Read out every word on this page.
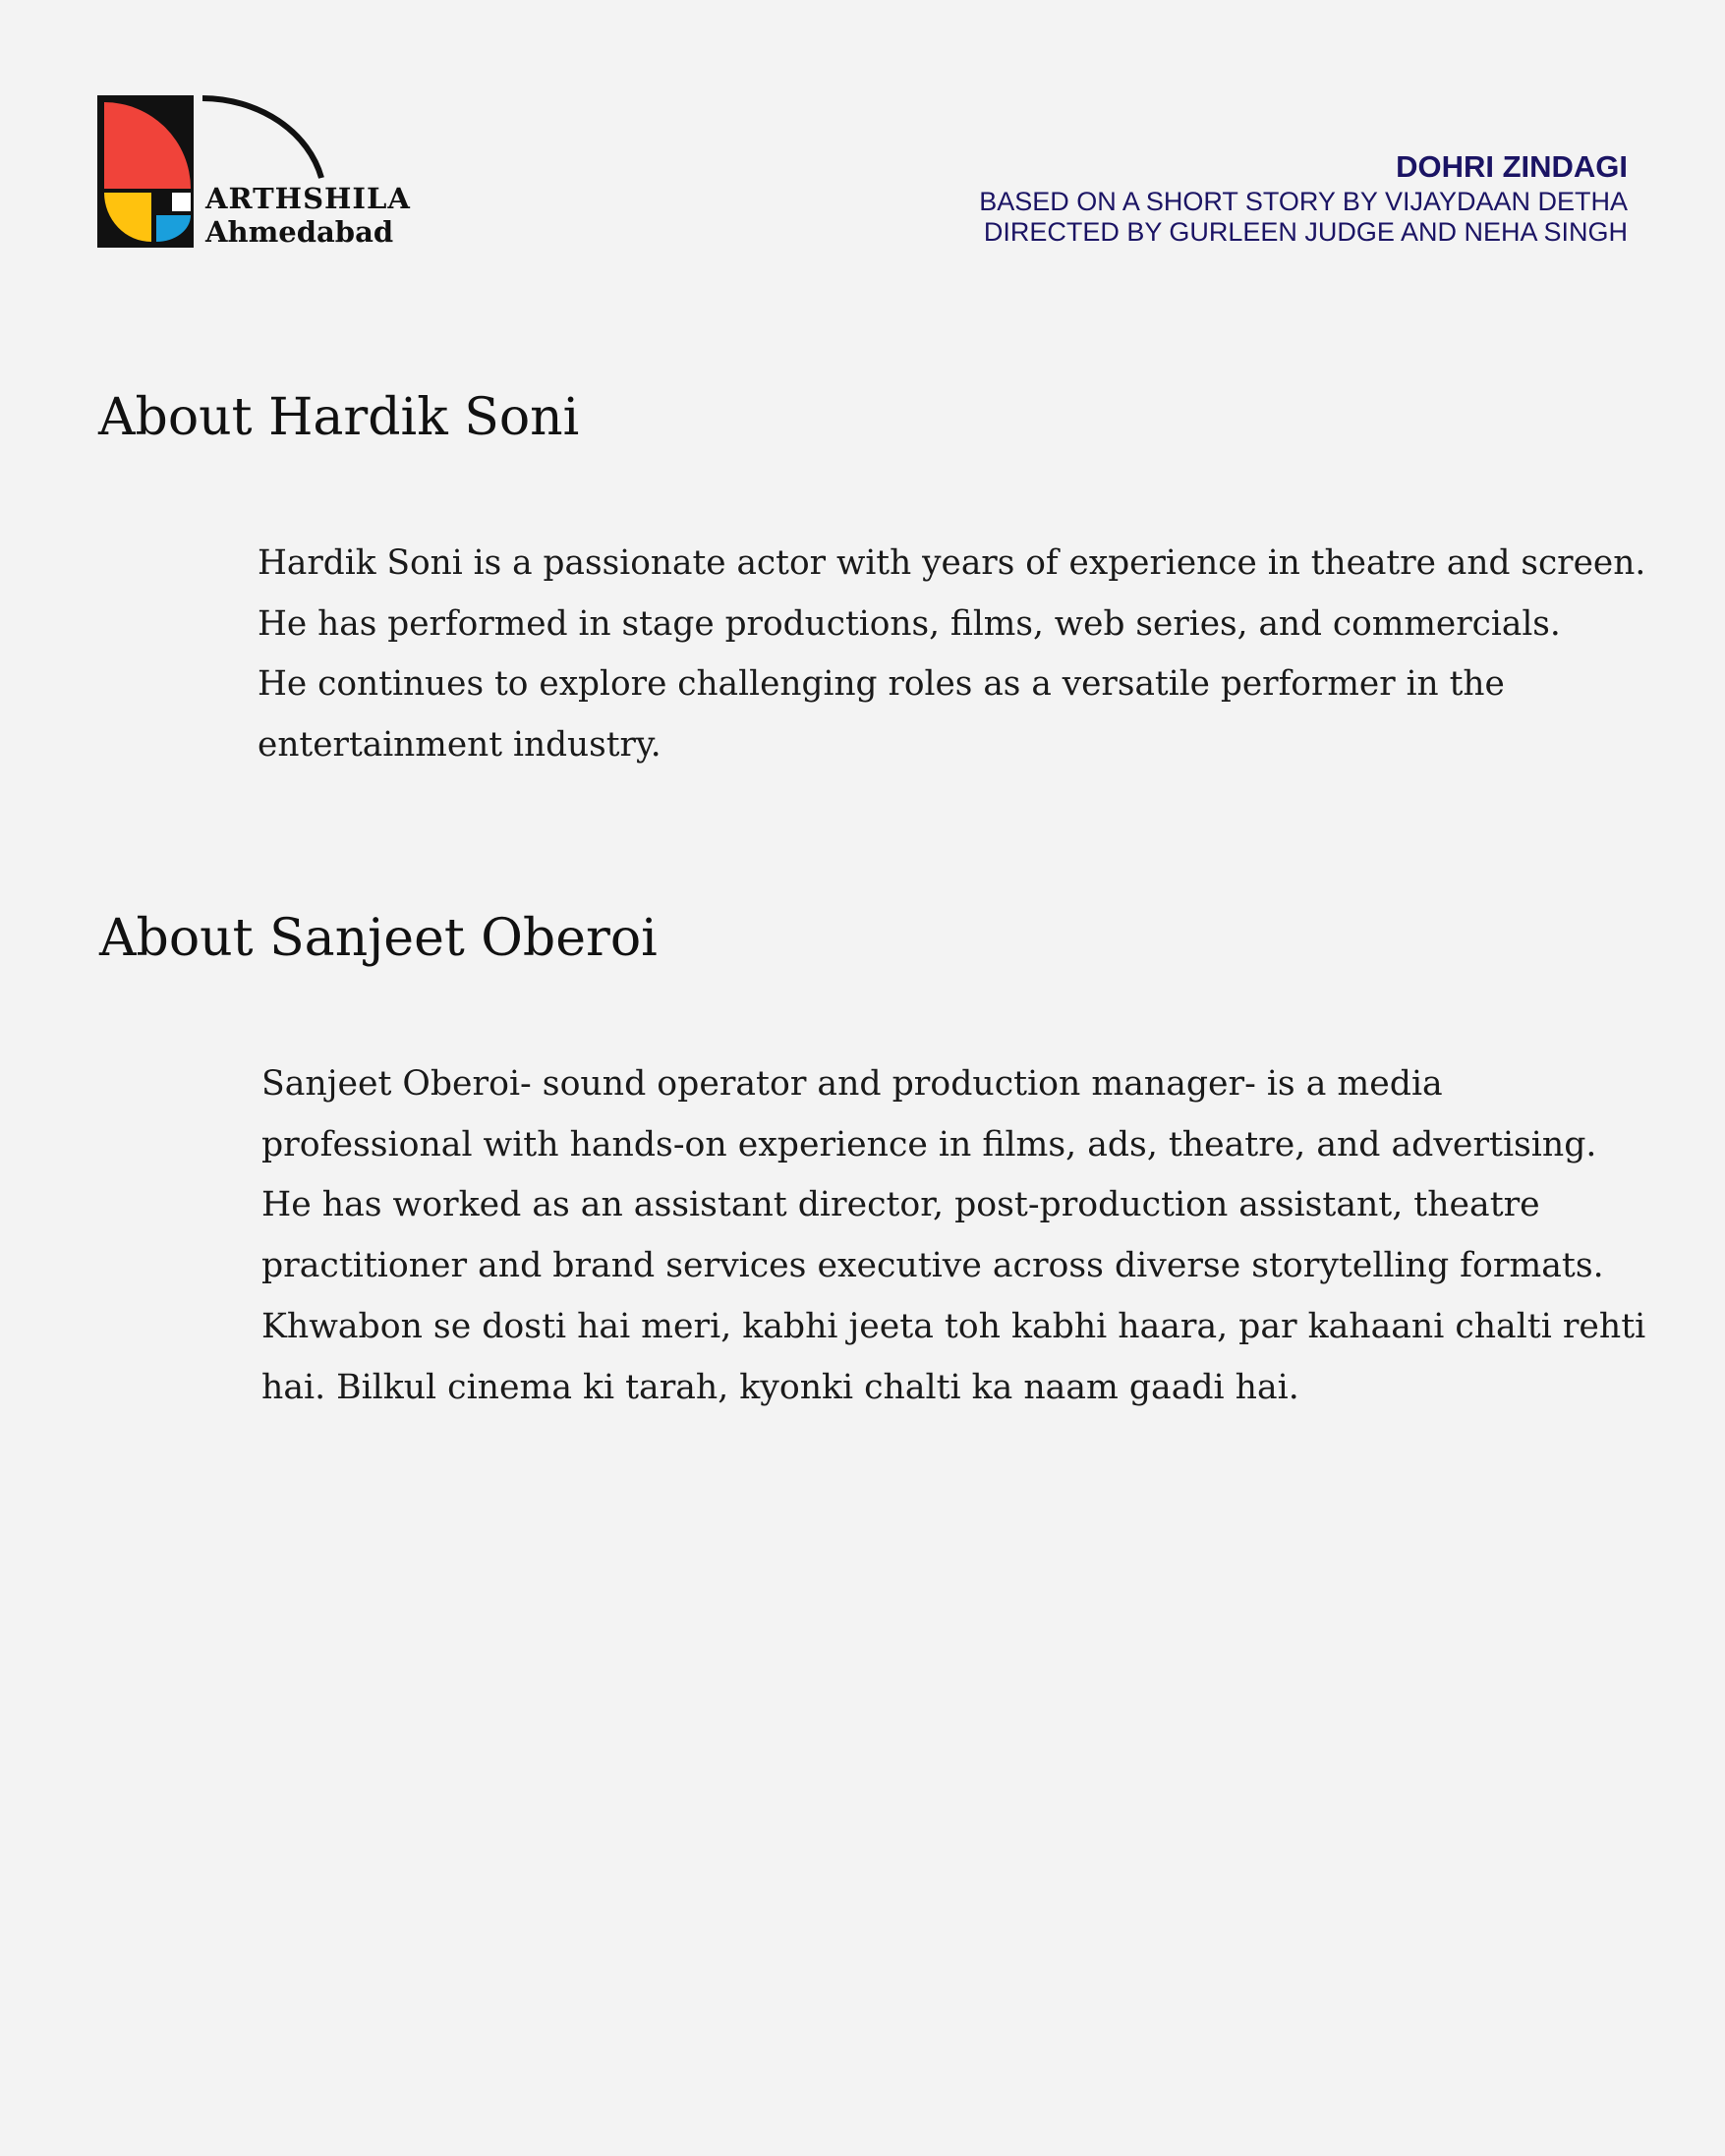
ARTHSHILA
Ahmedabad
DOHRI ZINDAGI
BASED ON A SHORT STORY BY VIJAYDAAN DETHA
DIRECTED BY GURLEEN JUDGE AND NEHA SINGH
About Hardik Soni
Hardik Soni is a passionate actor with years of experience in theatre and screen.
He has performed in stage productions, films, web series, and commercials.
He continues to explore challenging roles as a versatile performer in the
entertainment industry.
About Sanjeet Oberoi
Sanjeet Oberoi- sound operator and production manager- is a media
professional with hands-on experience in films, ads, theatre, and advertising.
He has worked as an assistant director, post-production assistant, theatre
practitioner and brand services executive across diverse storytelling formats.
Khwabon se dosti hai meri, kabhi jeeta toh kabhi haara, par kahaani chalti rehti
hai. Bilkul cinema ki tarah, kyonki chalti ka naam gaadi hai.
